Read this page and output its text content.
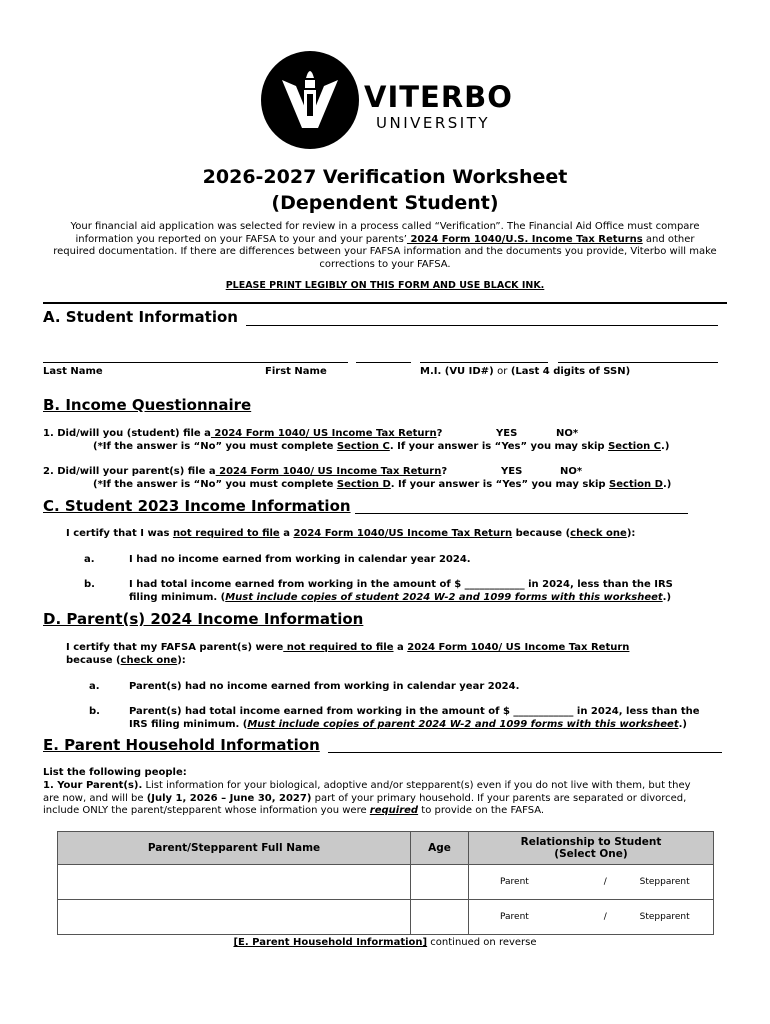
VITERBO
UNIVERSITY
2026-2027 Verification Worksheet
(Dependent Student)
Your financial aid application was selected for review in a process called “Verification”. The Financial Aid Office must compare
information you reported on your FAFSA to your and your parents’ 2024 Form 1040/U.S. Income Tax Returns and other
required documentation. If there are differences between your FAFSA information and the documents you provide, Viterbo will make
corrections to your FAFSA.
PLEASE PRINT LEGIBLY ON THIS FORM AND USE BLACK INK.
A. Student Information
Last Name	First Name	M.I. (VU ID#) or (Last 4 digits of SSN)
B. Income Questionnaire
1. Did/will you (student) file a 2024 Form 1040/ US Income Tax Return?	YES	NO*
(*If the answer is “No” you must complete Section C. If your answer is “Yes” you may skip Section C.)
2. Did/will your parent(s) file a 2024 Form 1040/ US Income Tax Return?	YES	NO*
(*If the answer is “No” you must complete Section D. If your answer is “Yes” you may skip Section D.)
C. Student 2023 Income Information
I certify that I was not required to file a 2024 Form 1040/US Income Tax Return because (check one):
a.	I had no income earned from working in calendar year 2024.
b.	I had total income earned from working in the amount of $ ____________ in 2024, less than the IRS
filing minimum. (Must include copies of student 2024 W-2 and 1099 forms with this worksheet.)
D. Parent(s) 2024 Income Information
I certify that my FAFSA parent(s) were not required to file a 2024 Form 1040/ US Income Tax Return
because (check one):
a.	Parent(s) had no income earned from working in calendar year 2024.
b.	Parent(s) had total income earned from working in the amount of $ ____________ in 2024, less than the
IRS filing minimum. (Must include copies of parent 2024 W-2 and 1099 forms with this worksheet.)
E. Parent Household Information
List the following people:
1. Your Parent(s). List information for your biological, adoptive and/or stepparent(s) even if you do not live with them, but they
are now, and will be (July 1, 2026 – June 30, 2027) part of your primary household. If your parents are separated or divorced,
include ONLY the parent/stepparent whose information you were required to provide on the FAFSA.
Parent/Stepparent Full Name	Age	Relationship to Student
(Select One)

		Parent / Stepparent
		Parent / Stepparent
[E. Parent Household Information] continued on reverse
